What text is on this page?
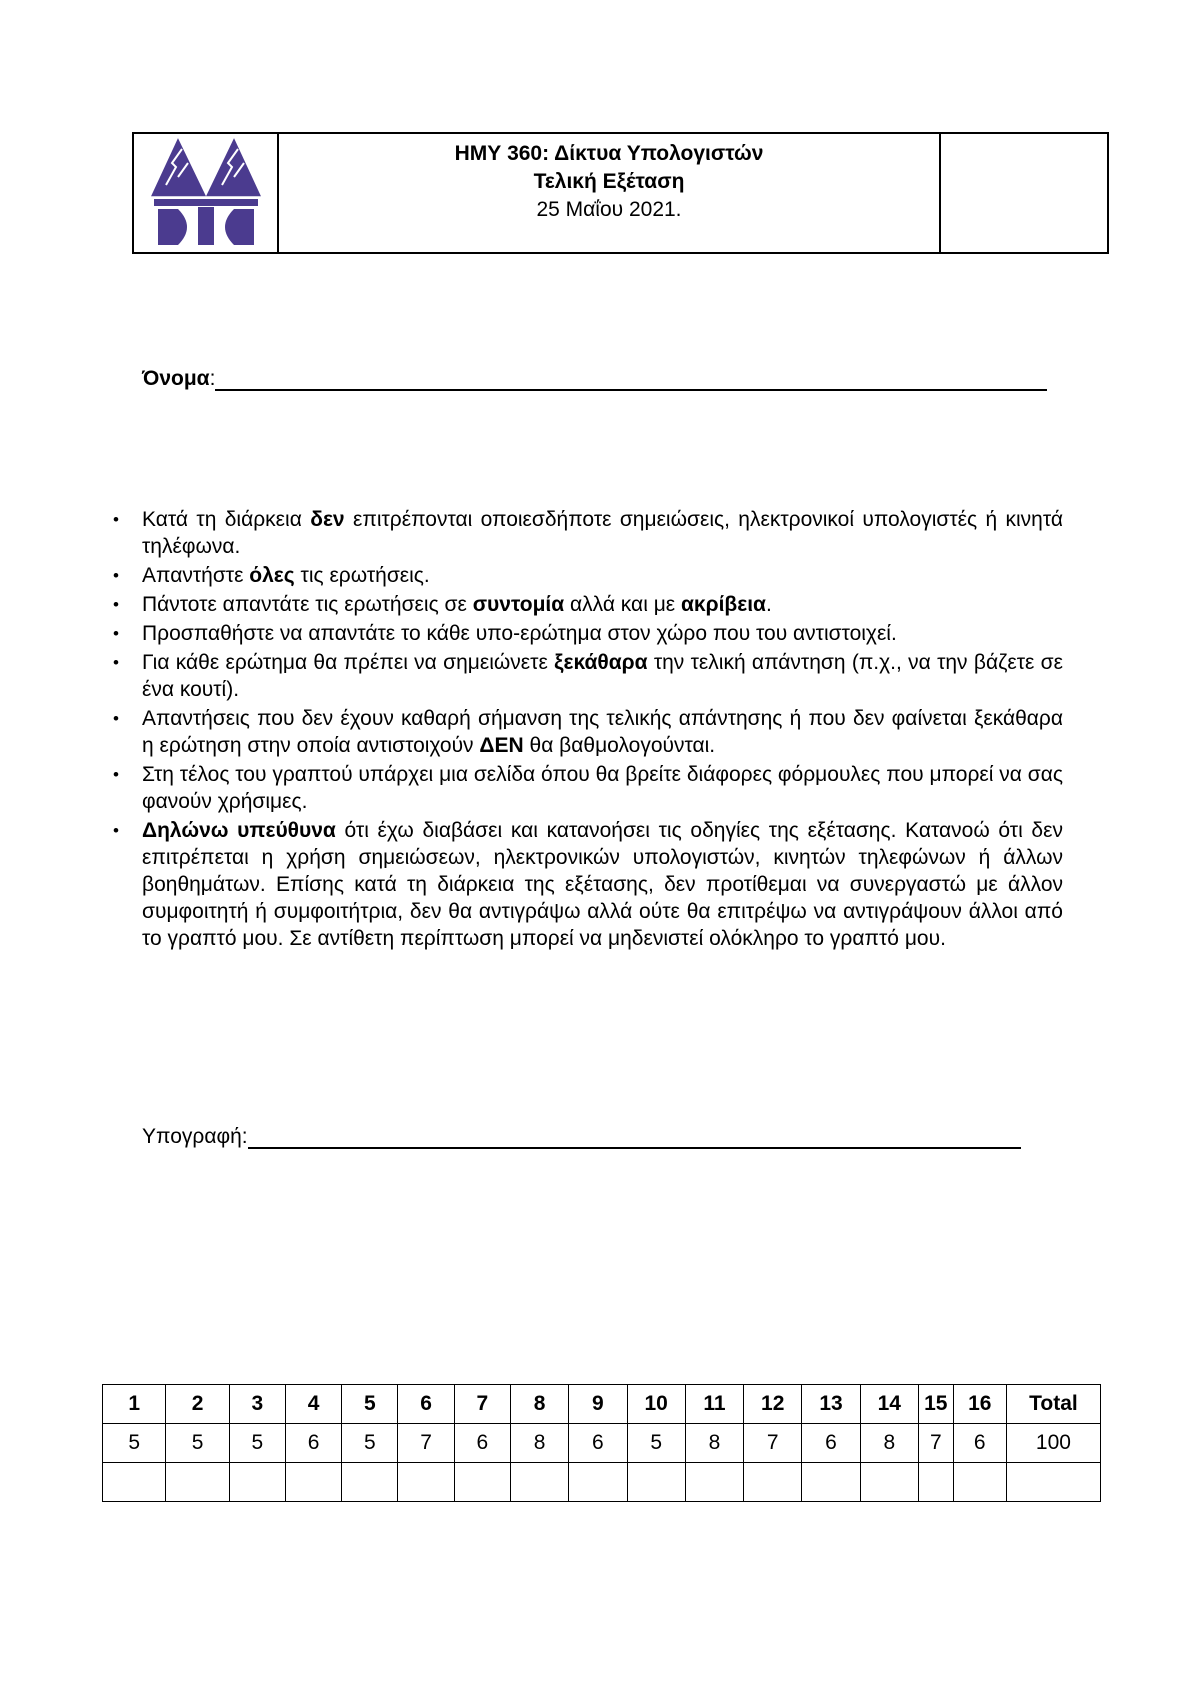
ΗΜΥ 360: Δίκτυα Υπολογιστών
Τελική Εξέταση
25 Μαΐου 2021.
Όνομα :
• Κατά τη διάρκεια δεν επιτρέπονται οποιεσδήποτε σημειώσεις, ηλεκτρονικοί υπολογιστές ή κινητά τηλέφωνα.
• Απαντήστε όλες τις ερωτήσεις.
• Πάντοτε απαντάτε τις ερωτήσεις σε συντομία αλλά και με ακρίβεια.
• Προσπαθήστε να απαντάτε το κάθε υπο-ερώτημα στον χώρο που του αντιστοιχεί.
• Για κάθε ερώτημα θα πρέπει να σημειώνετε ξεκάθαρα την τελική απάντηση (π.χ., να την βάζετε σε ένα κουτί).
• Απαντήσεις που δεν έχουν καθαρή σήμανση της τελικής απάντησης ή που δεν φαίνεται ξεκάθαρα η ερώτηση στην οποία αντιστοιχούν ΔΕΝ θα βαθμολογούνται.
• Στη τέλος του γραπτού υπάρχει μια σελίδα όπου θα βρείτε διάφορες φόρμουλες που μπορεί να σας φανούν χρήσιμες.
• Δηλώνω υπεύθυνα ότι έχω διαβάσει και κατανοήσει τις οδηγίες της εξέτασης. Κατανοώ ότι δεν επιτρέπεται η χρήση σημειώσεων, ηλεκτρονικών υπολογιστών, κινητών τηλεφώνων ή άλλων βοηθημάτων. Επίσης κατά τη διάρκεια της εξέτασης, δεν προτίθεμαι να συνεργαστώ με άλλον συμφοιτητή ή συμφοιτήτρια, δεν θα αντιγράψω αλλά ούτε θα επιτρέψω να αντιγράψουν άλλοι από το γραπτό μου. Σε αντίθετη περίπτωση μπορεί να μηδενιστεί ολόκληρο το γραπτό μου.
Υπογραφή:
1	2	3	4	5	6	7	8	9	10	11	12	13	14	15	16	Total
5	5	5	6	5	7	6	8	6	5	8	7	6	8	7	6	100
